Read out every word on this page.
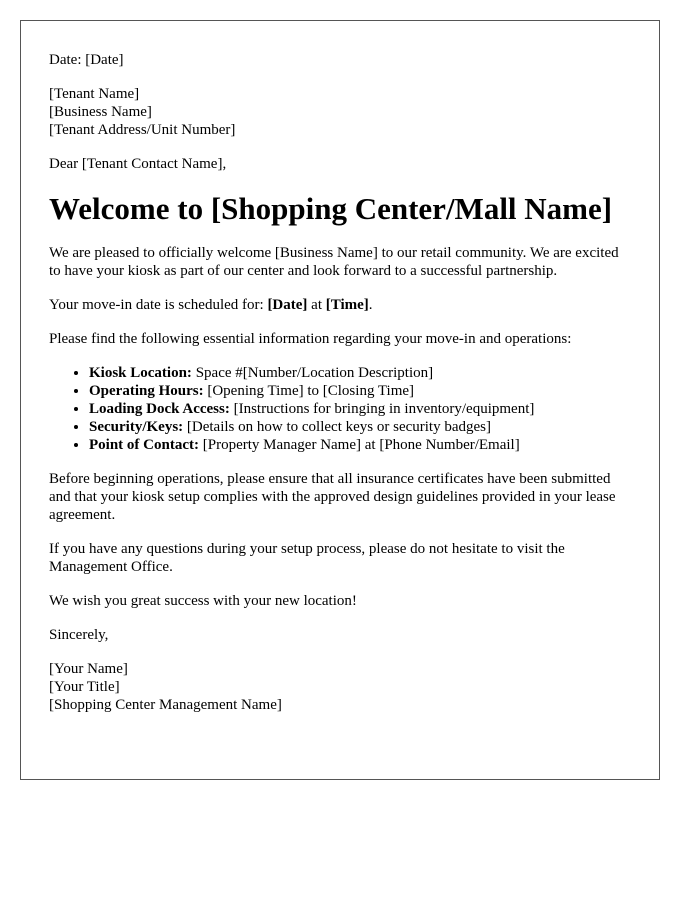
Date: [Date]

[Tenant Name]

[Business Name]

[Tenant Address/Unit Number]

Dear [Tenant Contact Name],

Welcome to [Shopping Center/Mall Name]

We are pleased to officially welcome [Business Name] to our retail community. We are excited to have your kiosk as part of our center and look forward to a successful partnership.

Your move-in date is scheduled for: [Date] at [Time].

Please find the following essential information regarding your move-in and operations:

• Kiosk Location: Space #[Number/Location Description]
• Operating Hours: [Opening Time] to [Closing Time]
• Loading Dock Access: [Instructions for bringing in inventory/equipment]
• Security/Keys: [Details on how to collect keys or security badges]
• Point of Contact: [Property Manager Name] at [Phone Number/Email]

Before beginning operations, please ensure that all insurance certificates have been submitted and that your kiosk setup complies with the approved design guidelines provided in your lease agreement.

If you have any questions during your setup process, please do not hesitate to visit the Management Office.

We wish you great success with your new location!

Sincerely,

[Your Name]

[Your Title]

[Shopping Center Management Name]
